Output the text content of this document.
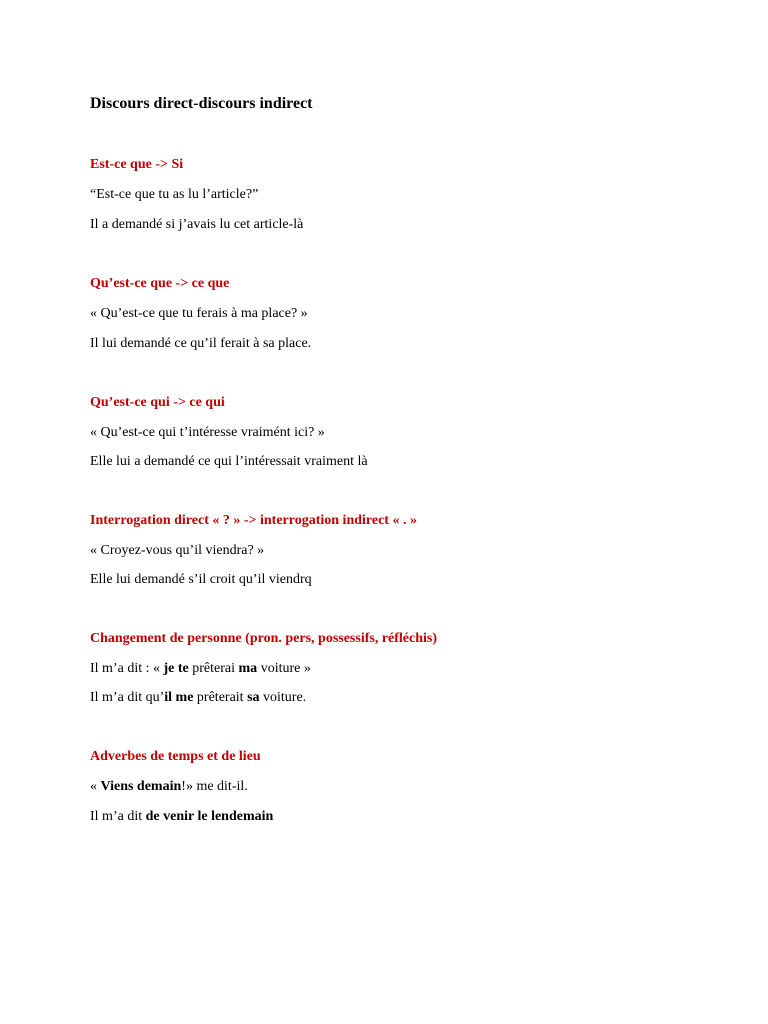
Discours direct-discours indirect
Est-ce que -> Si
“Est-ce que tu as lu l’article?”
Il a demandé si j’avais lu cet article-là
Qu’est-ce que -> ce que
« Qu’est-ce que tu ferais à ma place? »
Il lui demandé ce qu’il ferait à sa place.
Qu’est-ce qui -> ce qui
« Qu’est-ce qui t’intéresse vraimént ici? »
Elle lui a demandé ce qui l’intéressait vraiment là
Interrogation direct « ? » -> interrogation indirect « . »
« Croyez-vous qu’il viendra? »
Elle lui demandé s’il croit qu’il viendrq
Changement de personne (pron. pers, possessifs, réfléchis)
Il m’a dit : « je te prêterai ma voiture »
Il m’a dit qu’il me prêterait sa voiture.
Adverbes de temps et de lieu
« Viens demain!» me dit-il.
Il m’a dit de venir le lendemain
